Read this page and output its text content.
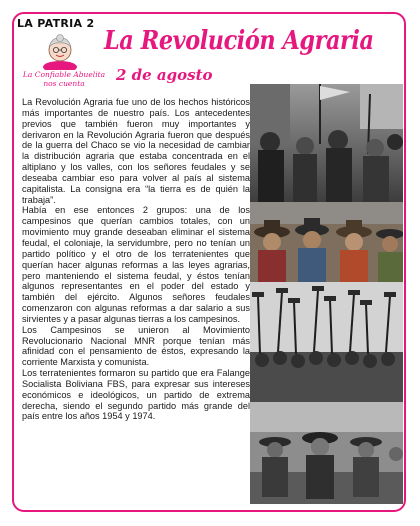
LA PATRIA 2
La Confiable Abuelita
nos cuenta
La Revolución Agraria
2 de agosto

La Revolución Agraria fue uno de los hechos históricos más importantes de nuestro país. Los antecedentes previos que también fueron muy importantes y derivaron en la Revolución Agraria fueron que después de la guerra del Chaco se vio la necesidad de cambiar la distribución agraria que estaba concentrada en el altiplano y los valles, con los señores feudales y se deseaba cambiar eso para volver al país al sistema capitalista. La consigna era “la tierra es de quién la trabaja”.

Había en ese entonces 2 grupos: una de los campesinos que querían cambios totales, con un movimiento muy grande deseaban eliminar el sistema feudal, el coloniaje, la servidumbre, pero no tenían un partido político y el otro de los terratenientes que querían hacer algunas reformas a las leyes agrarias, pero manteniendo el sistema feudal, y éstos tenían algunos representantes en el poder del estado y también del ejército. Algunos señores feudales comenzaron con algunas reformas a dar salario a sus sirvientes y a pasar algunas tierras a los campesinos.

Los Campesinos se unieron al Movimiento Revolucionario Nacional MNR porque tenían más afinidad con el pensamiento de éstos, expresando la corriente Marxista y comunista.

Los terratenientes formaron su partido que era Falange Socialista Boliviana FBS, para expresar sus intereses económicos e ideológicos, un partido de extrema derecha, siendo el segundo partido más grande del país entre los años 1954 y 1974.
